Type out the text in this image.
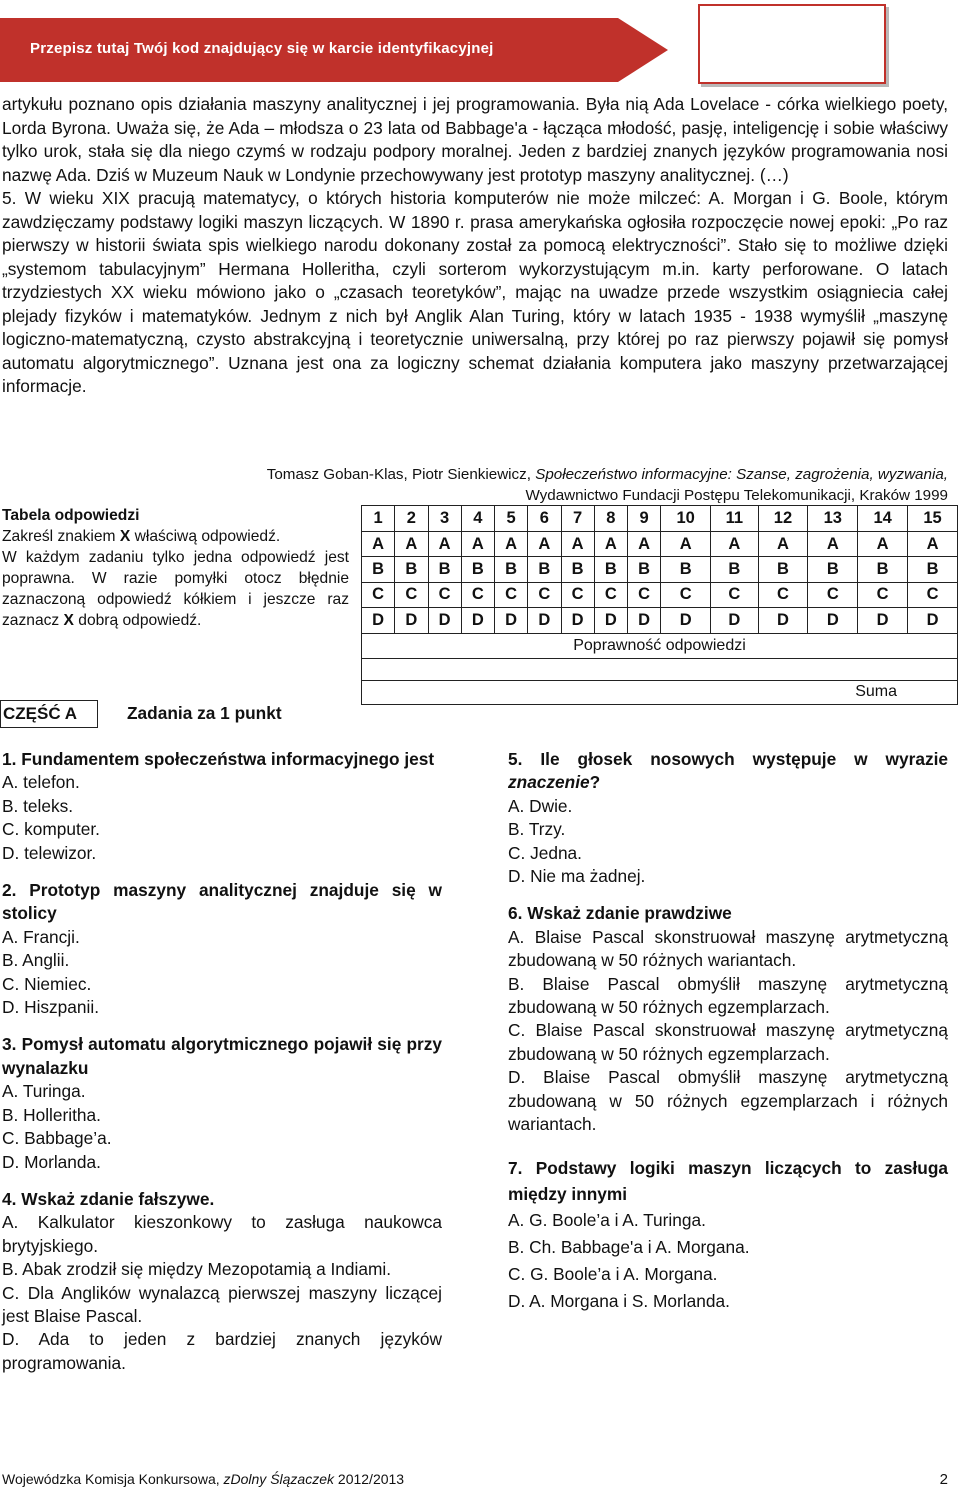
Przepisz tutaj Twój kod znajdujący się w karcie identyfikacyjnej

artykułu poznano opis działania maszyny analitycznej i jej programowania. Była nią Ada Lovelace - córka wielkiego poety, Lorda Byrona. Uważa się, że Ada – młodsza o 23 lata od Babbage'a - łącząca młodość, pasję, inteligencję i sobie właściwy tylko urok, stała się dla niego czymś w rodzaju podpory moralnej. Jeden z bardziej znanych języków programowania nosi nazwę Ada. Dziś w Muzeum Nauk w Londynie przechowywany jest prototyp maszyny analitycznej. (…)

5. W wieku XIX pracują matematycy, o których historia komputerów nie może milczeć: A. Morgan i G. Boole, którym zawdzięczamy podstawy logiki maszyn liczących. W 1890 r. prasa amerykańska ogłosiła rozpoczęcie nowej epoki: „Po raz pierwszy w historii świata spis wielkiego narodu dokonany został za pomocą elektryczności”. Stało się to możliwe dzięki „systemom tabulacyjnym” Hermana Holleritha, czyli sorterom wykorzystującym m.in. karty perforowane. O latach trzydziestych XX wieku mówiono jako o „czasach teoretyków”, mając na uwadze przede wszystkim osiągniecia całej plejady fizyków i matematyków. Jednym z nich był Anglik Alan Turing, który w latach 1935 - 1938 wymyślił „maszynę logiczno-matematyczną, czysto abstrakcyjną i teoretycznie uniwersalną, przy której po raz pierwszy pojawił się pomysł automatu algorytmicznego”. Uznana jest ona za logiczny schemat działania komputera jako maszyny przetwarzającej informacje.

Tomasz Goban-Klas, Piotr Sienkiewicz, Społeczeństwo informacyjne: Szanse, zagrożenia, wyzwania,
Wydawnictwo Fundacji Postępu Telekomunikacji, Kraków 1999
Tabela odpowiedzi
Zakreśl znakiem X właściwą odpowiedź.
W każdym zadaniu tylko jedna odpowiedź jest poprawna. W razie pomyłki otocz błędnie zaznaczoną odpowiedź kółkiem i jeszcze raz zaznacz X dobrą odpowiedź.
1	2	3	4	5	6	7	8	9	10	11	12	13	14	15
A	A	A	A	A	A	A	A	A	A	A	A	A	A	A
B	B	B	B	B	B	B	B	B	B	B	B	B	B	B
C	C	C	C	C	C	C	C	C	C	C	C	C	C	C
D	D	D	D	D	D	D	D	D	D	D	D	D	D	D
Poprawność odpowiedzi														

Suma														
CZĘŚĆ A	Zadania za 1 punkt
1. Fundamentem społeczeństwa informacyjnego jest
A. telefon.
B. teleks.
C. komputer.
D. telewizor.
2. Prototyp maszyny analitycznej znajduje się w stolicy
A. Francji.
B. Anglii.
C. Niemiec.
D. Hiszpanii.
3. Pomysł automatu algorytmicznego pojawił się przy wynalazku
A. Turinga.
B. Holleritha.
C. Babbage’a.
D. Morlanda.
4. Wskaż zdanie fałszywe.
A. Kalkulator kieszonkowy to zasługa naukowca brytyjskiego.
B. Abak zrodził się między Mezopotamią a Indiami.
C. Dla Anglików wynalazcą pierwszej maszyny liczącej jest Blaise Pascal.
D. Ada to jeden z bardziej znanych języków programowania.
5. Ile głosek nosowych występuje w wyrazie znaczenie?
A. Dwie.
B. Trzy.
C. Jedna.
D. Nie ma żadnej.
6. Wskaż zdanie prawdziwe
A. Blaise Pascal skonstruował maszynę arytmetyczną zbudowaną w 50 różnych wariantach.
B. Blaise Pascal obmyślił maszynę arytmetyczną zbudowaną w 50 różnych egzemplarzach.
C. Blaise Pascal skonstruował maszynę arytmetyczną zbudowaną w 50 różnych egzemplarzach.
D. Blaise Pascal obmyślił maszynę arytmetyczną zbudowaną w 50 różnych egzemplarzach i różnych wariantach.
7. Podstawy logiki maszyn liczących to zasługa między innymi
A. G. Boole’a i A. Turinga.
B. Ch. Babbage'a i A. Morgana.
C. G. Boole’a i A. Morgana.
D. A. Morgana i S. Morlanda.
Wojewódzka Komisja Konkursowa, zDolny Ślązaczek 2012/2013	2
